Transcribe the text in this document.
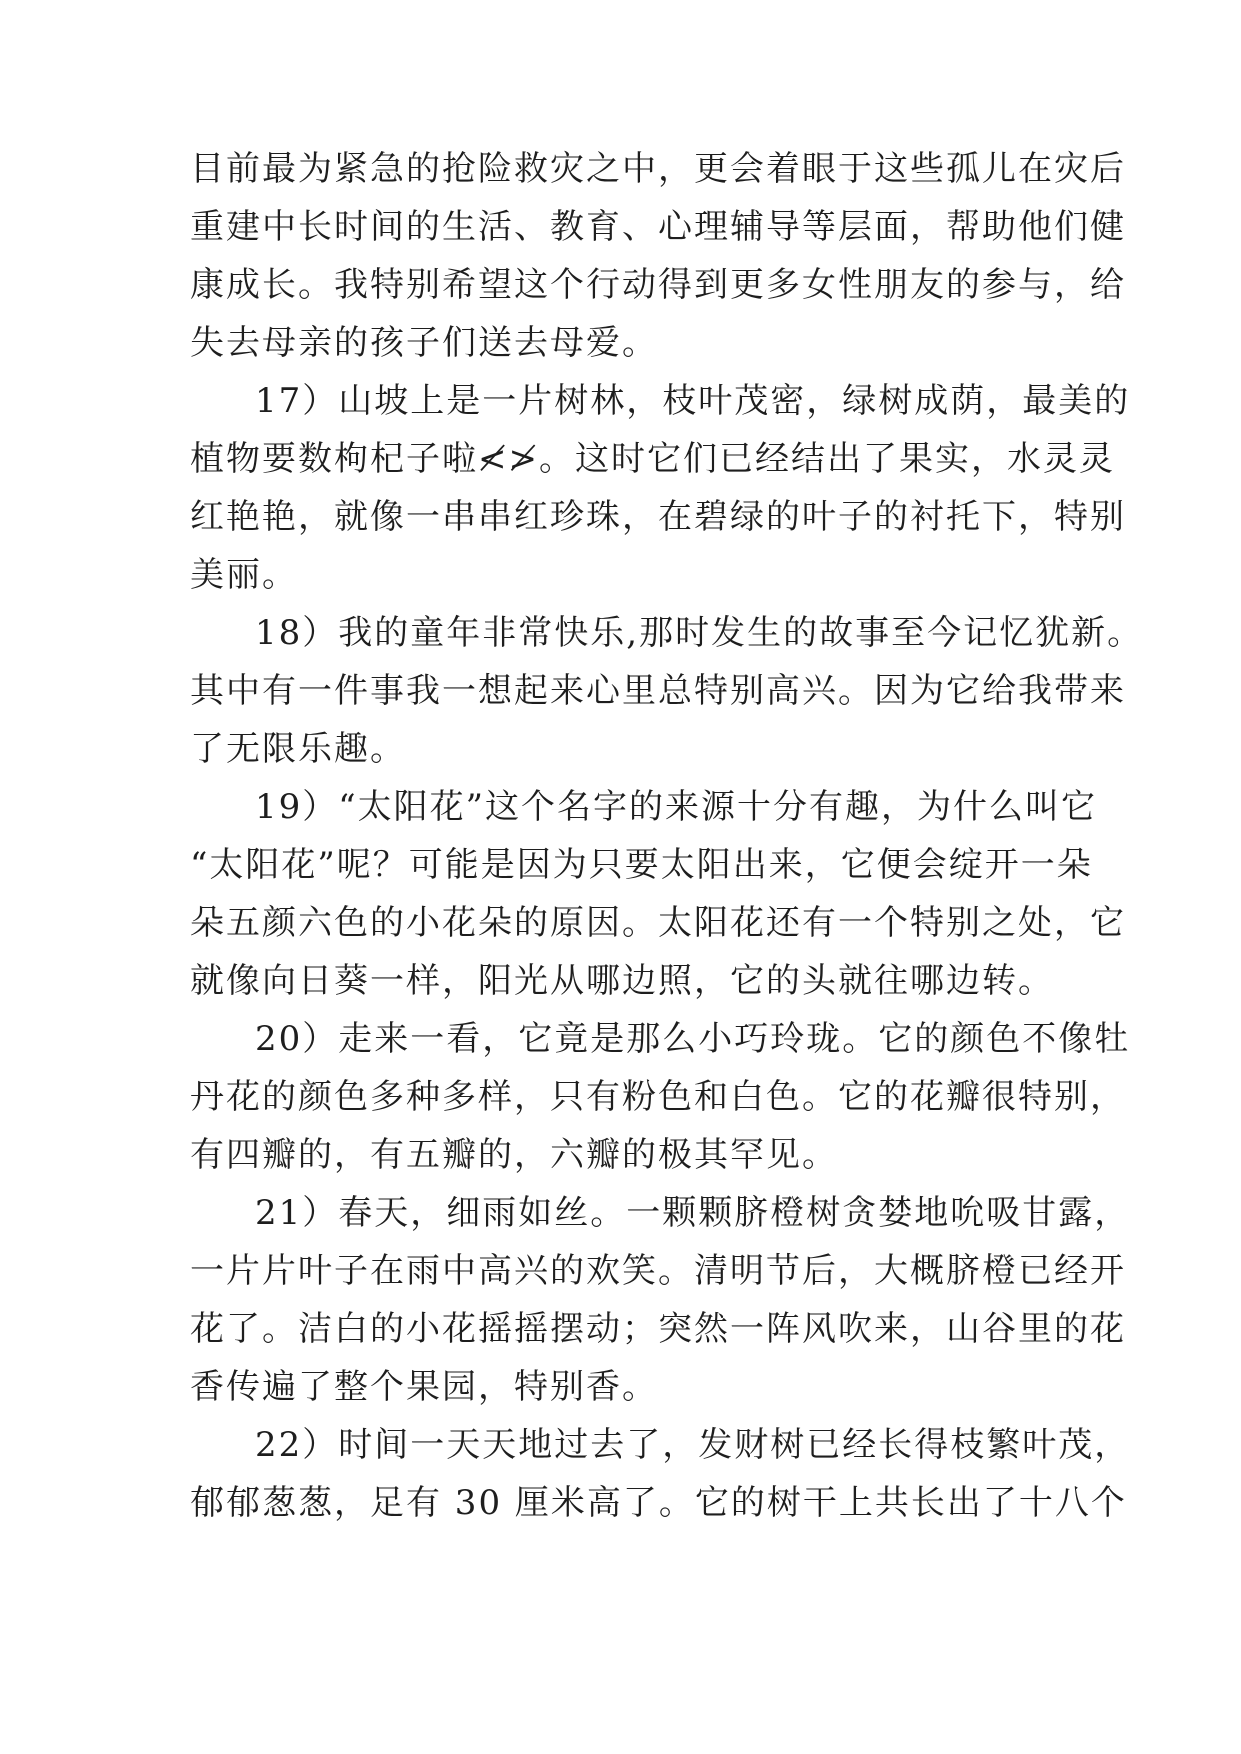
目前最为紧急的抢险救灾之中，更会着眼于这些孤儿在灾后
重建中长时间的生活、教育、心理辅导等层面，帮助他们健
康成长。我特别希望这个行动得到更多女性朋友的参与，给
失去母亲的孩子们送去母爱。
17）山坡上是一片树林，枝叶茂密，绿树成荫，最美的
植物要数枸杞子啦≮≯。这时它们已经结出了果实，水灵灵
红艳艳，就像一串串红珍珠，在碧绿的叶子的衬托下，特别
美丽。
18）我的童年非常快乐,那时发生的故事至今记忆犹新。
其中有一件事我一想起来心里总特别高兴。因为它给我带来
了无限乐趣。
19）“太阳花”这个名字的来源十分有趣，为什么叫它
“太阳花”呢？可能是因为只要太阳出来，它便会绽开一朵
朵五颜六色的小花朵的原因。太阳花还有一个特别之处，它
就像向日葵一样，阳光从哪边照，它的头就往哪边转。
20）走来一看，它竟是那么小巧玲珑。它的颜色不像牡
丹花的颜色多种多样，只有粉色和白色。它的花瓣很特别，
有四瓣的，有五瓣的，六瓣的极其罕见。
21）春天，细雨如丝。一颗颗脐橙树贪婪地吮吸甘露，
一片片叶子在雨中高兴的欢笑。清明节后，大概脐橙已经开
花了。洁白的小花摇摇摆动；突然一阵风吹来，山谷里的花
香传遍了整个果园，特别香。
22）时间一天天地过去了，发财树已经长得枝繁叶茂，
郁郁葱葱，足有 30 厘米高了。它的树干上共长出了十八个
